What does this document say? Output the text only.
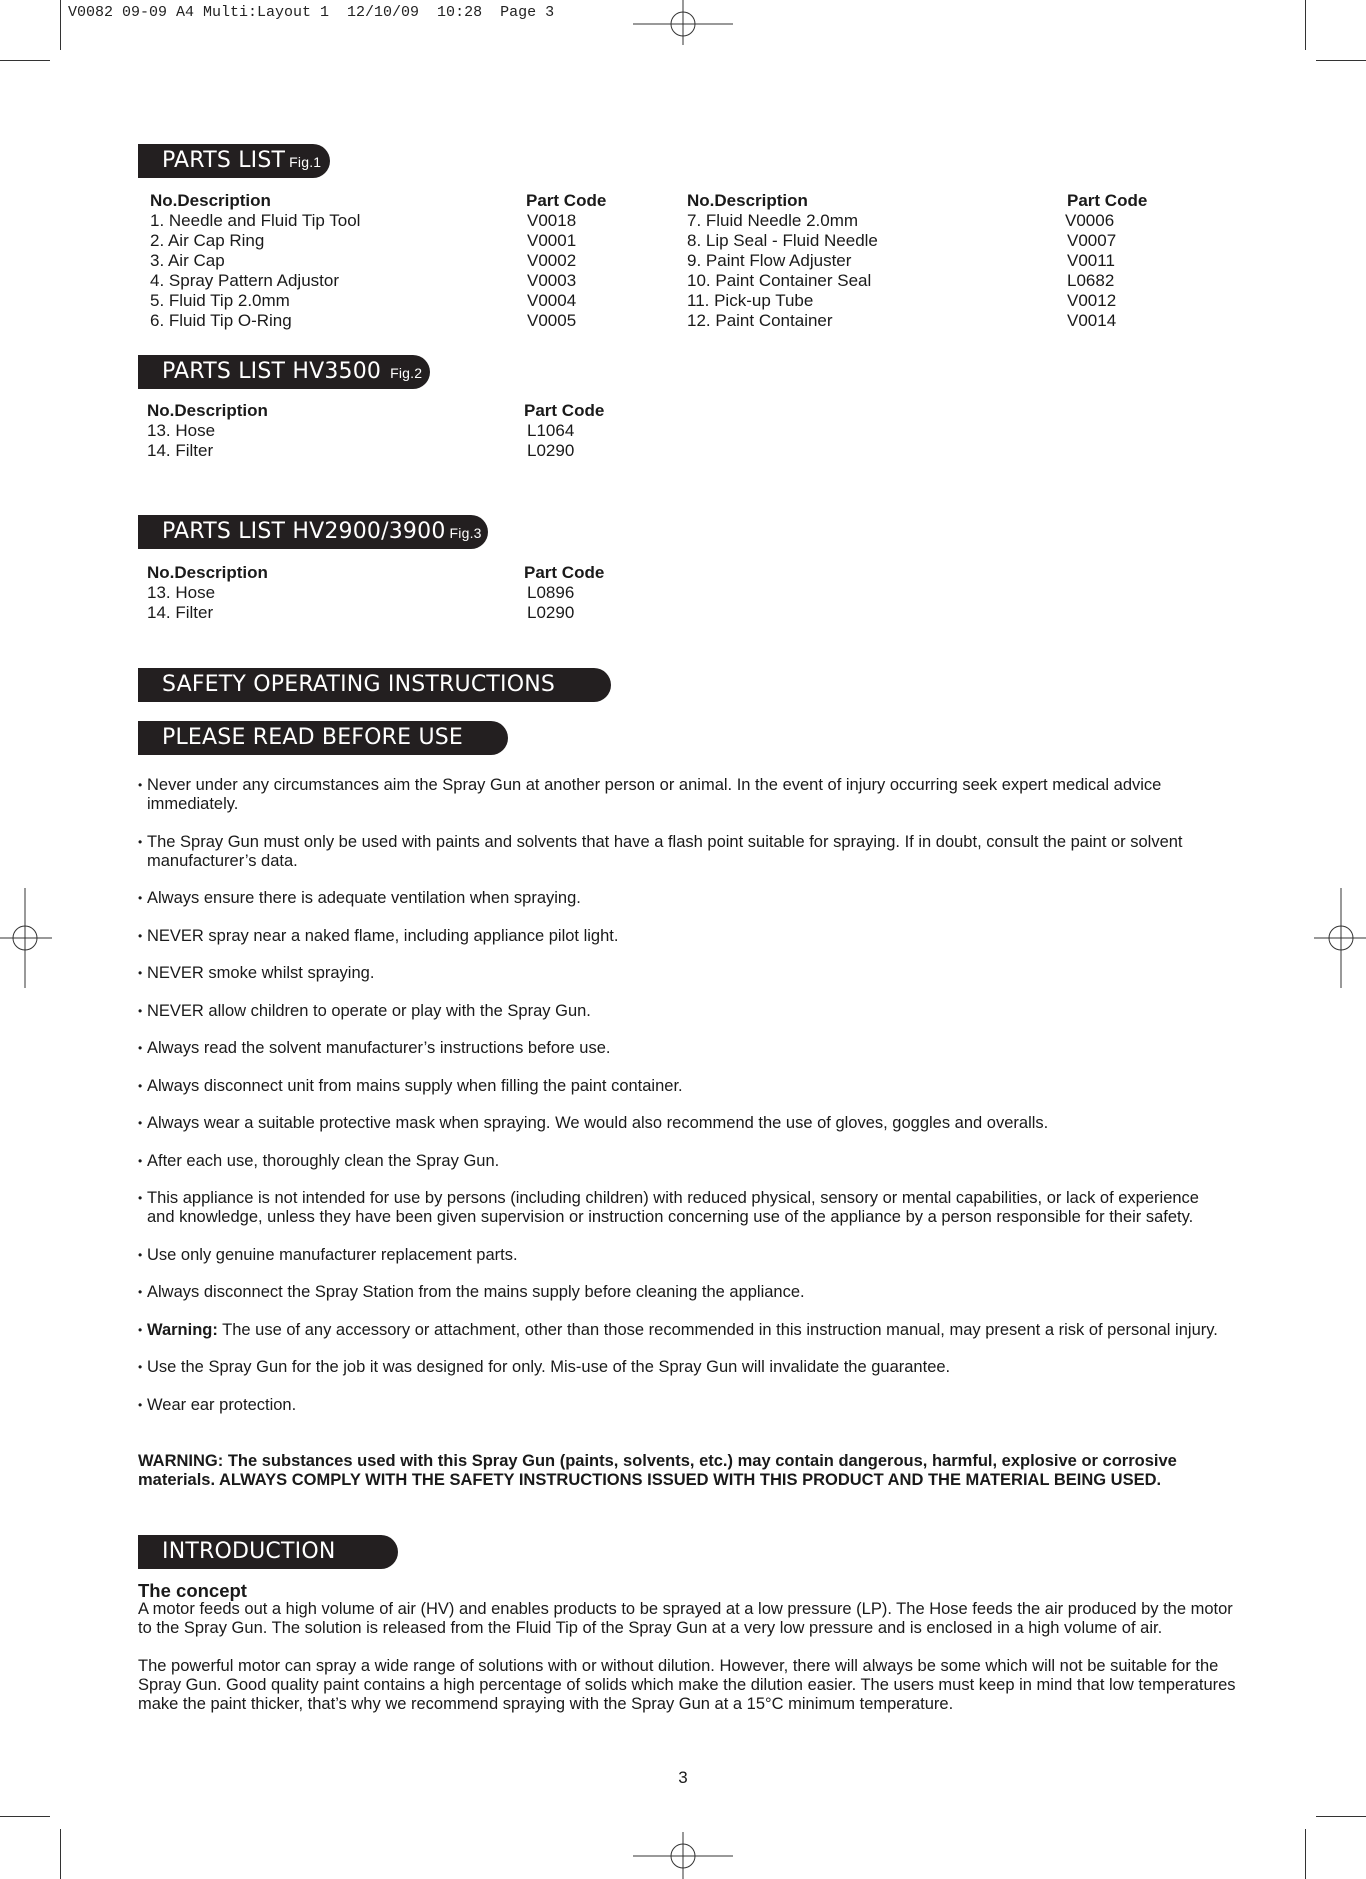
V0082 09-09 A4 Multi:Layout 1  12/10/09  10:28  Page 3
PARTS LIST Fig.1
No.Description	Part Code	No.Description	Part Code
1. Needle and Fluid Tip Tool	V0018	7. Fluid Needle 2.0mm	V0006
2. Air Cap Ring	V0001	8. Lip Seal - Fluid Needle	V0007
3. Air Cap	V0002	9. Paint Flow Adjuster	V0011
4. Spray Pattern Adjustor	V0003	10. Paint Container Seal	L0682
5. Fluid Tip 2.0mm	V0004	11. Pick-up Tube	V0012
6. Fluid Tip O-Ring	V0005	12. Paint Container	V0014
PARTS LIST HV3500 Fig.2
No.Description	Part Code
13. Hose	L1064
14. Filter	L0290
PARTS LIST HV2900/3900 Fig.3
No.Description	Part Code
13. Hose	L0896
14. Filter	L0290
SAFETY OPERATING INSTRUCTIONS
PLEASE READ BEFORE USE
• Never under any circumstances aim the Spray Gun at another person or animal. In the event of injury occurring seek expert medical advice immediately.
• The Spray Gun must only be used with paints and solvents that have a flash point suitable for spraying. If in doubt, consult the paint or solvent manufacturer’s data.
• Always ensure there is adequate ventilation when spraying.
• NEVER spray near a naked flame, including appliance pilot light.
• NEVER smoke whilst spraying.
• NEVER allow children to operate or play with the Spray Gun.
• Always read the solvent manufacturer’s instructions before use.
• Always disconnect unit from mains supply when filling the paint container.
• Always wear a suitable protective mask when spraying. We would also recommend the use of gloves, goggles and overalls.
• After each use, thoroughly clean the Spray Gun.
• This appliance is not intended for use by persons (including children) with reduced physical, sensory or mental capabilities, or lack of experience and knowledge, unless they have been given supervision or instruction concerning use of the appliance by a person responsible for their safety.
• Use only genuine manufacturer replacement parts.
• Always disconnect the Spray Station from the mains supply before cleaning the appliance.
• Warning: The use of any accessory or attachment, other than those recommended in this instruction manual, may present a risk of personal injury.
• Use the Spray Gun for the job it was designed for only. Mis-use of the Spray Gun will invalidate the guarantee.
• Wear ear protection.
WARNING: The substances used with this Spray Gun (paints, solvents, etc.) may contain dangerous, harmful, explosive or corrosive materials. ALWAYS COMPLY WITH THE SAFETY INSTRUCTIONS ISSUED WITH THIS PRODUCT AND THE MATERIAL BEING USED.
INTRODUCTION
The concept
A motor feeds out a high volume of air (HV) and enables products to be sprayed at a low pressure (LP). The Hose feeds the air produced by the motor to the Spray Gun. The solution is released from the Fluid Tip of the Spray Gun at a very low pressure and is enclosed in a high volume of air.
The powerful motor can spray a wide range of solutions with or without dilution. However, there will always be some which will not be suitable for the Spray Gun. Good quality paint contains a high percentage of solids which make the dilution easier. The users must keep in mind that low temperatures make the paint thicker, that’s why we recommend spraying with the Spray Gun at a 15°C minimum temperature.
3
